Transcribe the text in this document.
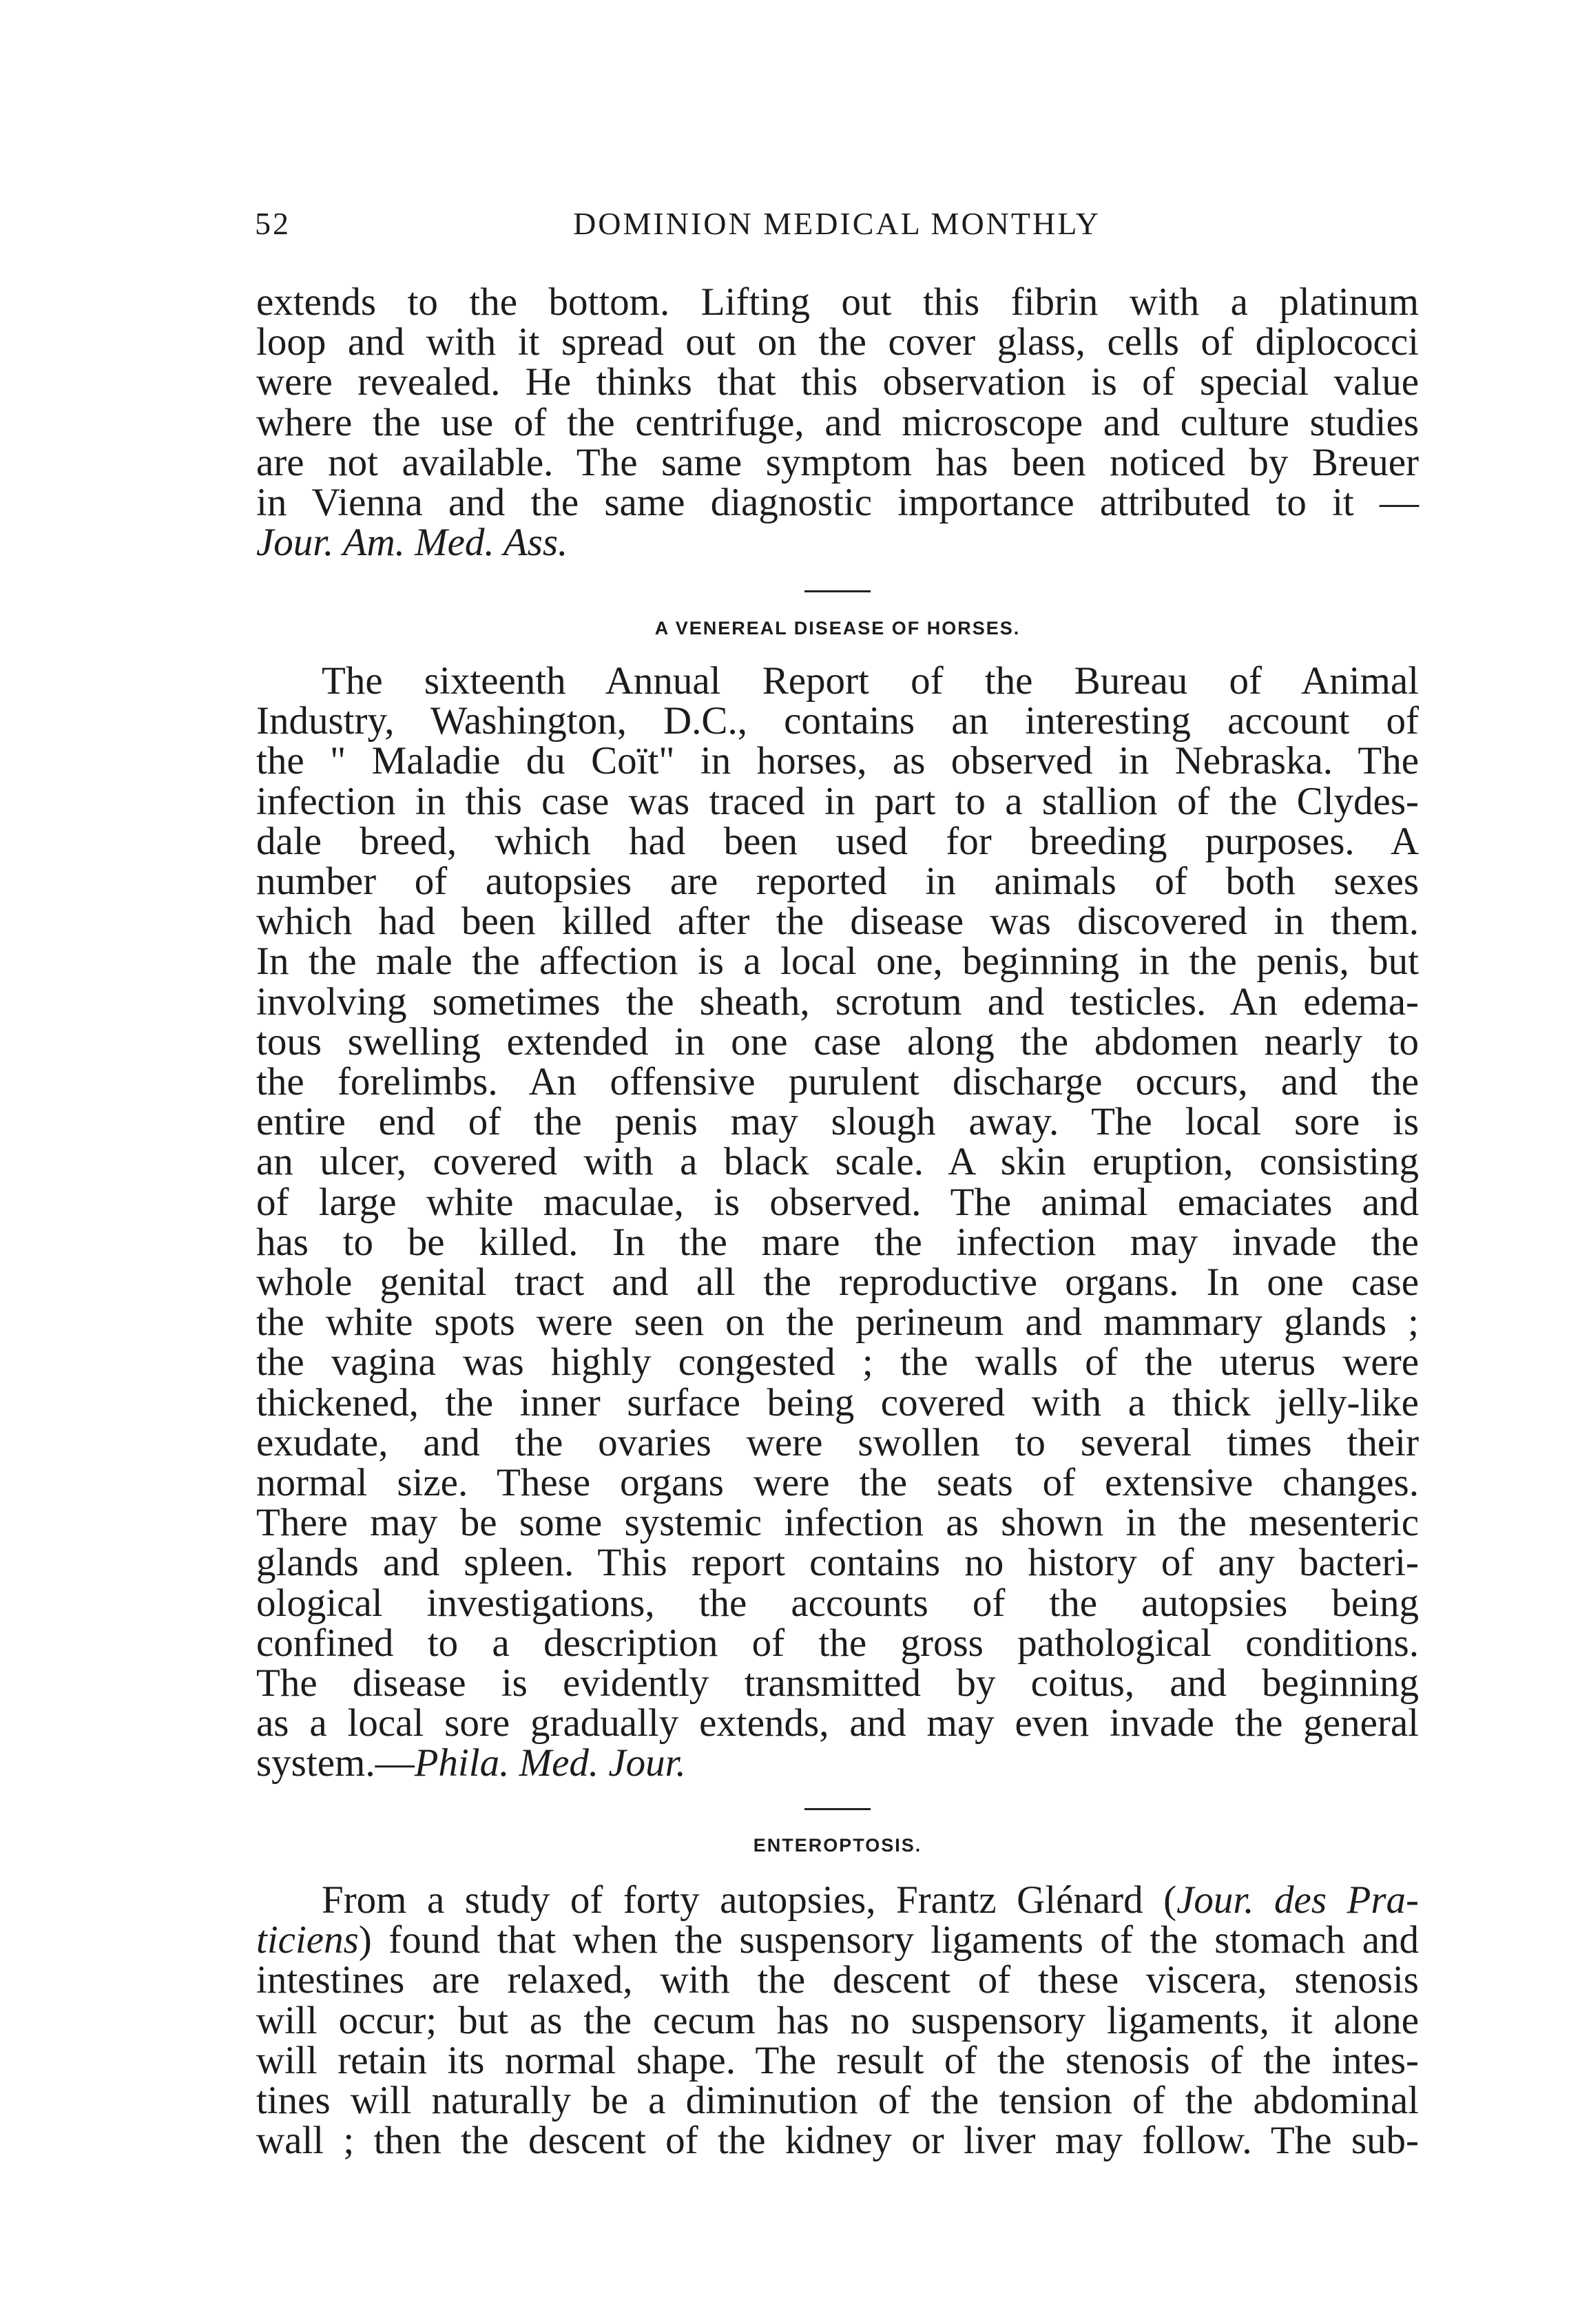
52	DOMINION MEDICAL MONTHLY
extends to the bottom. Lifting out this fibrin with a platinum
loop and with it spread out on the cover glass, cells of diplococci
were revealed. He thinks that this observation is of special value
where the use of the centrifuge, and microscope and culture studies
are not available. The same symptom has been noticed by Breuer
in Vienna and the same diagnostic importance attributed to it —
Jour. Am. Med. Ass.
A VENEREAL DISEASE OF HORSES.
The sixteenth Annual Report of the Bureau of Animal
Industry, Washington, D.C., contains an interesting account of
the " Maladie du Coït" in horses, as observed in Nebraska. The
infection in this case was traced in part to a stallion of the Clydes-
dale breed, which had been used for breeding purposes. A
number of autopsies are reported in animals of both sexes
which had been killed after the disease was discovered in them.
In the male the affection is a local one, beginning in the penis, but
involving sometimes the sheath, scrotum and testicles. An edema-
tous swelling extended in one case along the abdomen nearly to
the forelimbs. An offensive purulent discharge occurs, and the
entire end of the penis may slough away. The local sore is
an ulcer, covered with a black scale. A skin eruption, consisting
of large white maculae, is observed. The animal emaciates and
has to be killed. In the mare the infection may invade the
whole genital tract and all the reproductive organs. In one case
the white spots were seen on the perineum and mammary glands ;
the vagina was highly congested ; the walls of the uterus were
thickened, the inner surface being covered with a thick jelly-like
exudate, and the ovaries were swollen to several times their
normal size. These organs were the seats of extensive changes.
There may be some systemic infection as shown in the mesenteric
glands and spleen. This report contains no history of any bacteri-
ological investigations, the accounts of the autopsies being
confined to a description of the gross pathological conditions.
The disease is evidently transmitted by coitus, and beginning
as a local sore gradually extends, and may even invade the general
system.—Phila. Med. Jour.
ENTEROPTOSIS.
From a study of forty autopsies, Frantz Glénard (Jour. des Pra-
ticiens) found that when the suspensory ligaments of the stomach and
intestines are relaxed, with the descent of these viscera, stenosis
will occur; but as the cecum has no suspensory ligaments, it alone
will retain its normal shape. The result of the stenosis of the intes-
tines will naturally be a diminution of the tension of the abdominal
wall ; then the descent of the kidney or liver may follow. The sub-
